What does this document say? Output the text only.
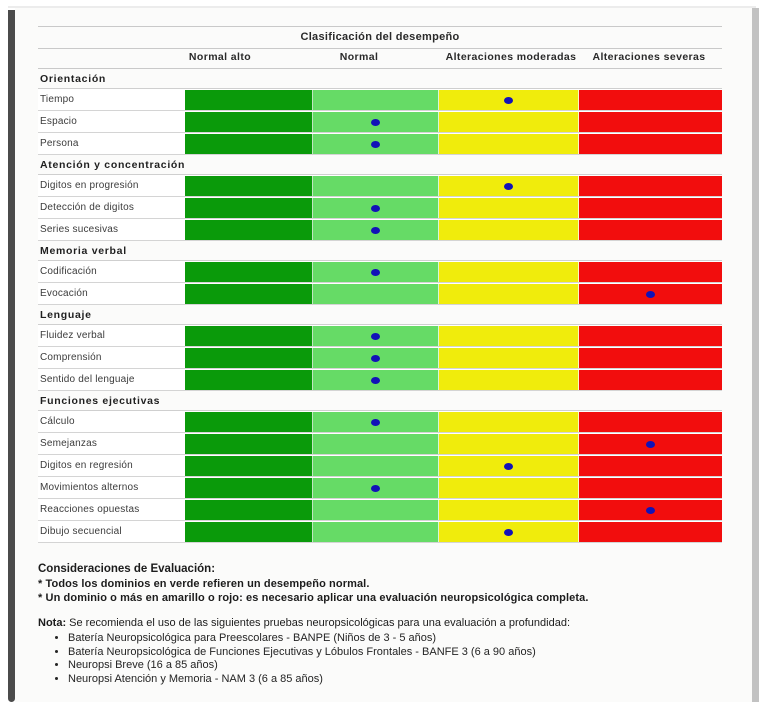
Clasificación del desempeño
Normal alto	Normal	Alteraciones moderadas Alteraciones severas
Orientación
Tiempo
Espacio
Persona
Atención y concentración
Digitos en progresión
Detección de digitos
Series sucesivas
Memoria verbal
Codificación
Evocación
Lenguaje
Fluidez verbal
Comprensión
Sentido del lenguaje
Funciones ejecutivas
Cálculo
Semejanzas
Digitos en regresión
Movimientos alternos
Reacciones opuestas
Dibujo secuencial
Consideraciones de Evaluación:
* Todos los dominios en verde refieren un desempeño normal.
* Un dominio o más en amarillo o rojo: es necesario aplicar una evaluación neuropsicológica completa.
Nota: Se recomienda el uso de las siguientes pruebas neuropsicológicas para una evaluación a profundidad:
• Batería Neuropsicológica para Preescolares - BANPE (Niños de 3 - 5 años)
• Batería Neuropsicológica de Funciones Ejecutivas y Lóbulos Frontales - BANFE 3 (6 a 90 años)
• Neuropsi Breve (16 a 85 años)
• Neuropsi Atención y Memoria - NAM 3 (6 a 85 años)
